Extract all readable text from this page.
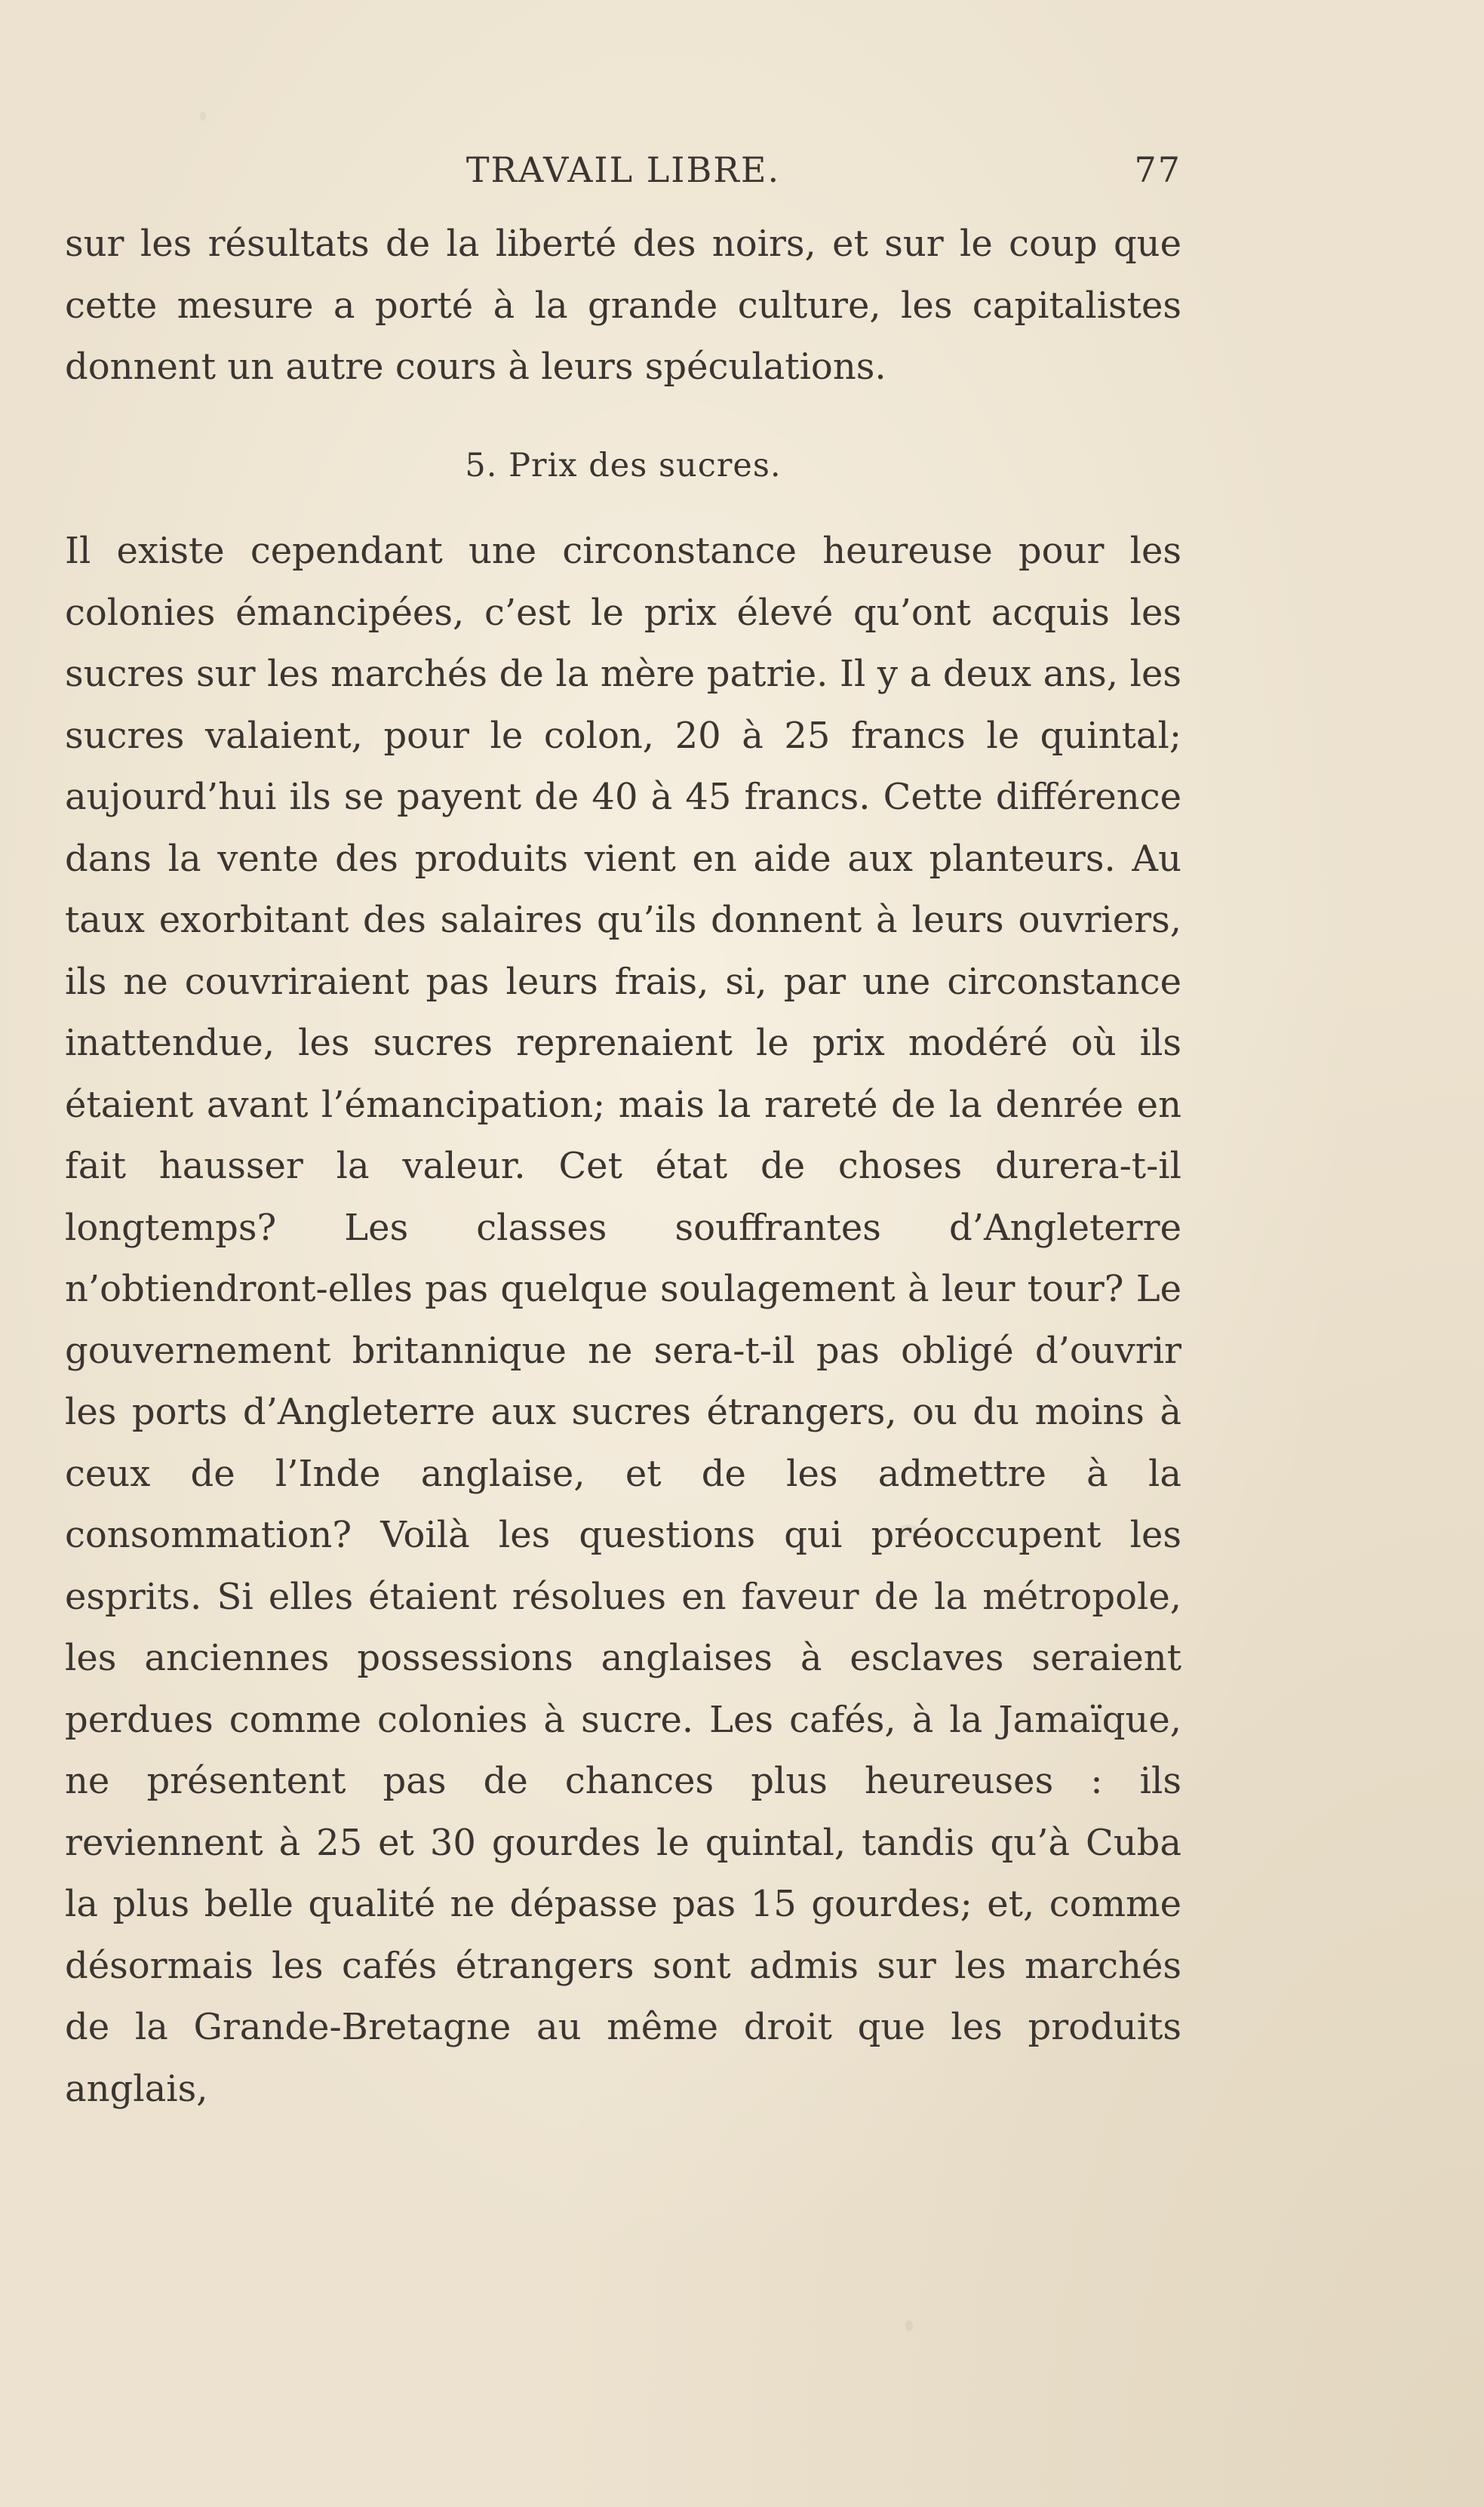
TRAVAIL LIBRE.	77

sur les résultats de la liberté des noirs, et sur le coup que cette mesure a porté à la grande culture, les capitalistes donnent un autre cours à leurs spéculations.

5. Prix des sucres.

Il existe cependant une circonstance heureuse pour les colonies émancipées, c’est le prix élevé qu’ont acquis les sucres sur les marchés de la mère patrie. Il y a deux ans, les sucres valaient, pour le colon, 20 à 25 francs le quintal; aujourd’hui ils se payent de 40 à 45 francs. Cette différence dans la vente des produits vient en aide aux planteurs. Au taux exorbitant des salaires qu’ils donnent à leurs ouvriers, ils ne couvriraient pas leurs frais, si, par une circonstance inattendue, les sucres reprenaient le prix modéré où ils étaient avant l’émancipation; mais la rareté de la denrée en fait hausser la valeur. Cet état de choses durera-t-il longtemps? Les classes souffrantes d’Angleterre n’obtiendront-elles pas quelque soulagement à leur tour? Le gouvernement britannique ne sera-t-il pas obligé d’ouvrir les ports d’Angleterre aux sucres étrangers, ou du moins à ceux de l’Inde anglaise, et de les admettre à la consommation? Voilà les questions qui préoccupent les esprits. Si elles étaient résolues en faveur de la métropole, les anciennes possessions anglaises à esclaves seraient perdues comme colonies à sucre. Les cafés, à la Jamaïque, ne présentent pas de chances plus heureuses : ils reviennent à 25 et 30 gourdes le quintal, tandis qu’à Cuba la plus belle qualité ne dépasse pas 15 gourdes; et, comme désormais les cafés étrangers sont admis sur les marchés de la Grande-Bretagne au même droit que les produits anglais,
